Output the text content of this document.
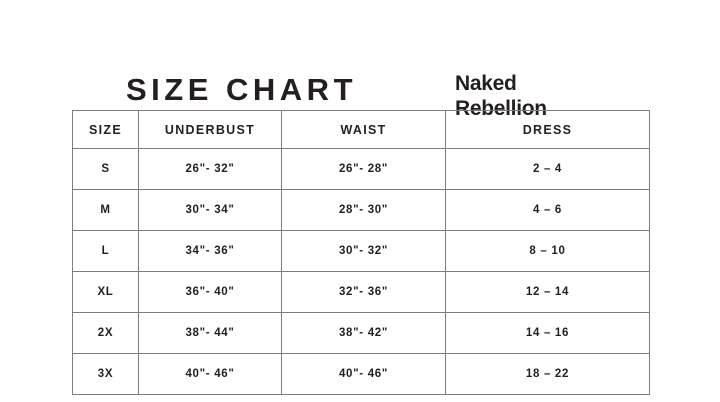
SIZE CHART	Naked
Rebellion
SIZE	UNDERBUST	WAIST	DRESS
S	26"- 32"	26"- 28"	2 – 4
M	30"- 34"	28"- 30"	4 – 6
L	34"- 36"	30"- 32"	8 – 10
XL	36"- 40"	32"- 36"	12 – 14
2X	38"- 44"	38"- 42"	14 – 16
3X	40"- 46"	40"- 46"	18 – 22
